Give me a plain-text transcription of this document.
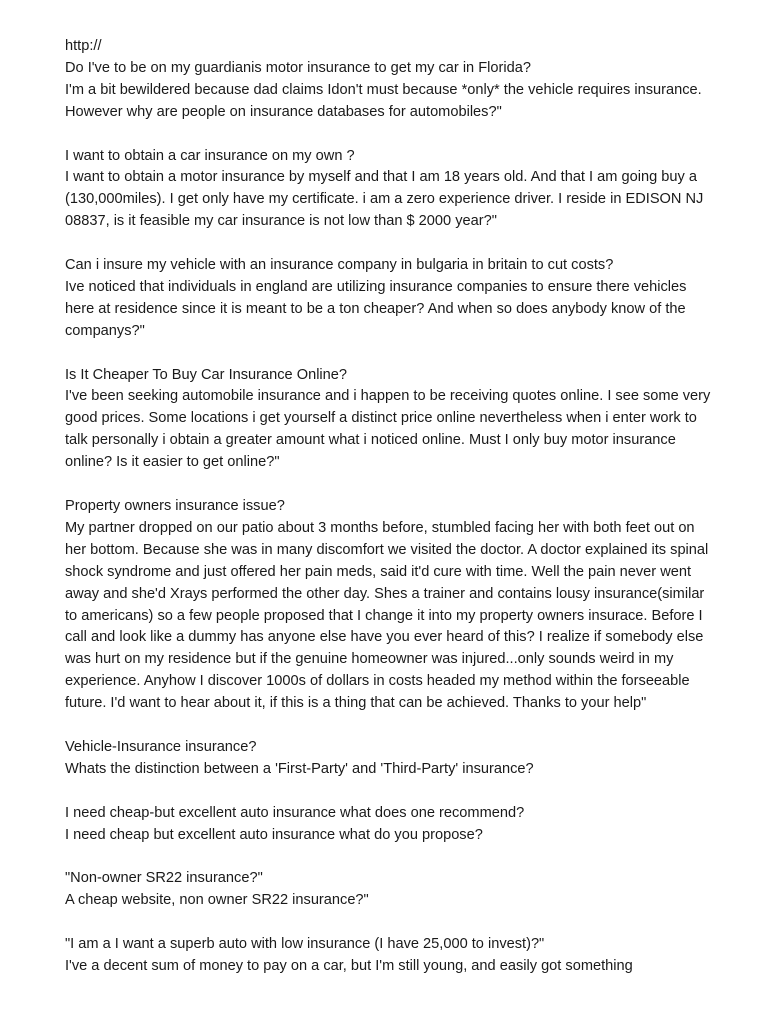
http://
Do I've to be on my guardianis motor insurance to get my car in Florida?
I'm a bit bewildered because dad claims Idon't must because *only* the vehicle requires insurance. However why are people on insurance databases for automobiles?"
I want to obtain a car insurance on my own ?
I want to obtain a motor insurance by myself and that I am 18 years old. And that I am going buy a (130,000miles). I get only have my certificate. i am a zero experience driver. I reside in EDISON NJ 08837, is it feasible my car insurance is not low than $ 2000 year?"
Can i insure my vehicle with an insurance company in bulgaria in britain to cut costs?
Ive noticed that individuals in england are utilizing insurance companies to ensure there vehicles here at residence since it is meant to be a ton cheaper? And when so does anybody know of the companys?"
Is It Cheaper To Buy Car Insurance Online?
I've been seeking automobile insurance and i happen to be receiving quotes online. I see some very good prices. Some locations i get yourself a distinct price online nevertheless when i enter work to talk personally i obtain a greater amount what i noticed online. Must I only buy motor insurance online? Is it easier to get online?"
Property owners insurance issue?
My partner dropped on our patio about 3 months before, stumbled facing her with both feet out on her bottom. Because she was in many discomfort we visited the doctor. A doctor explained its spinal shock syndrome and just offered her pain meds, said it'd cure with time. Well the pain never went away and she'd Xrays performed the other day. Shes a trainer and contains lousy insurance(similar to americans) so a few people proposed that I change it into my property owners insurace. Before I call and look like a dummy has anyone else have you ever heard of this? I realize if somebody else was hurt on my residence but if the genuine homeowner was injured...only sounds weird in my experience. Anyhow I discover 1000s of dollars in costs headed my method within the forseeable future. I'd want to hear about it, if this is a thing that can be achieved. Thanks to your help"
Vehicle-Insurance insurance?
Whats the distinction between a 'First-Party' and 'Third-Party' insurance?
I need cheap-but excellent auto insurance what does one recommend?
I need cheap but excellent auto insurance what do you propose?
"Non-owner SR22 insurance?"
A cheap website, non owner SR22 insurance?"
"I am a I want a superb auto with low insurance (I have 25,000 to invest)?"
I've a decent sum of money to pay on a car, but I'm still young, and easily got something
